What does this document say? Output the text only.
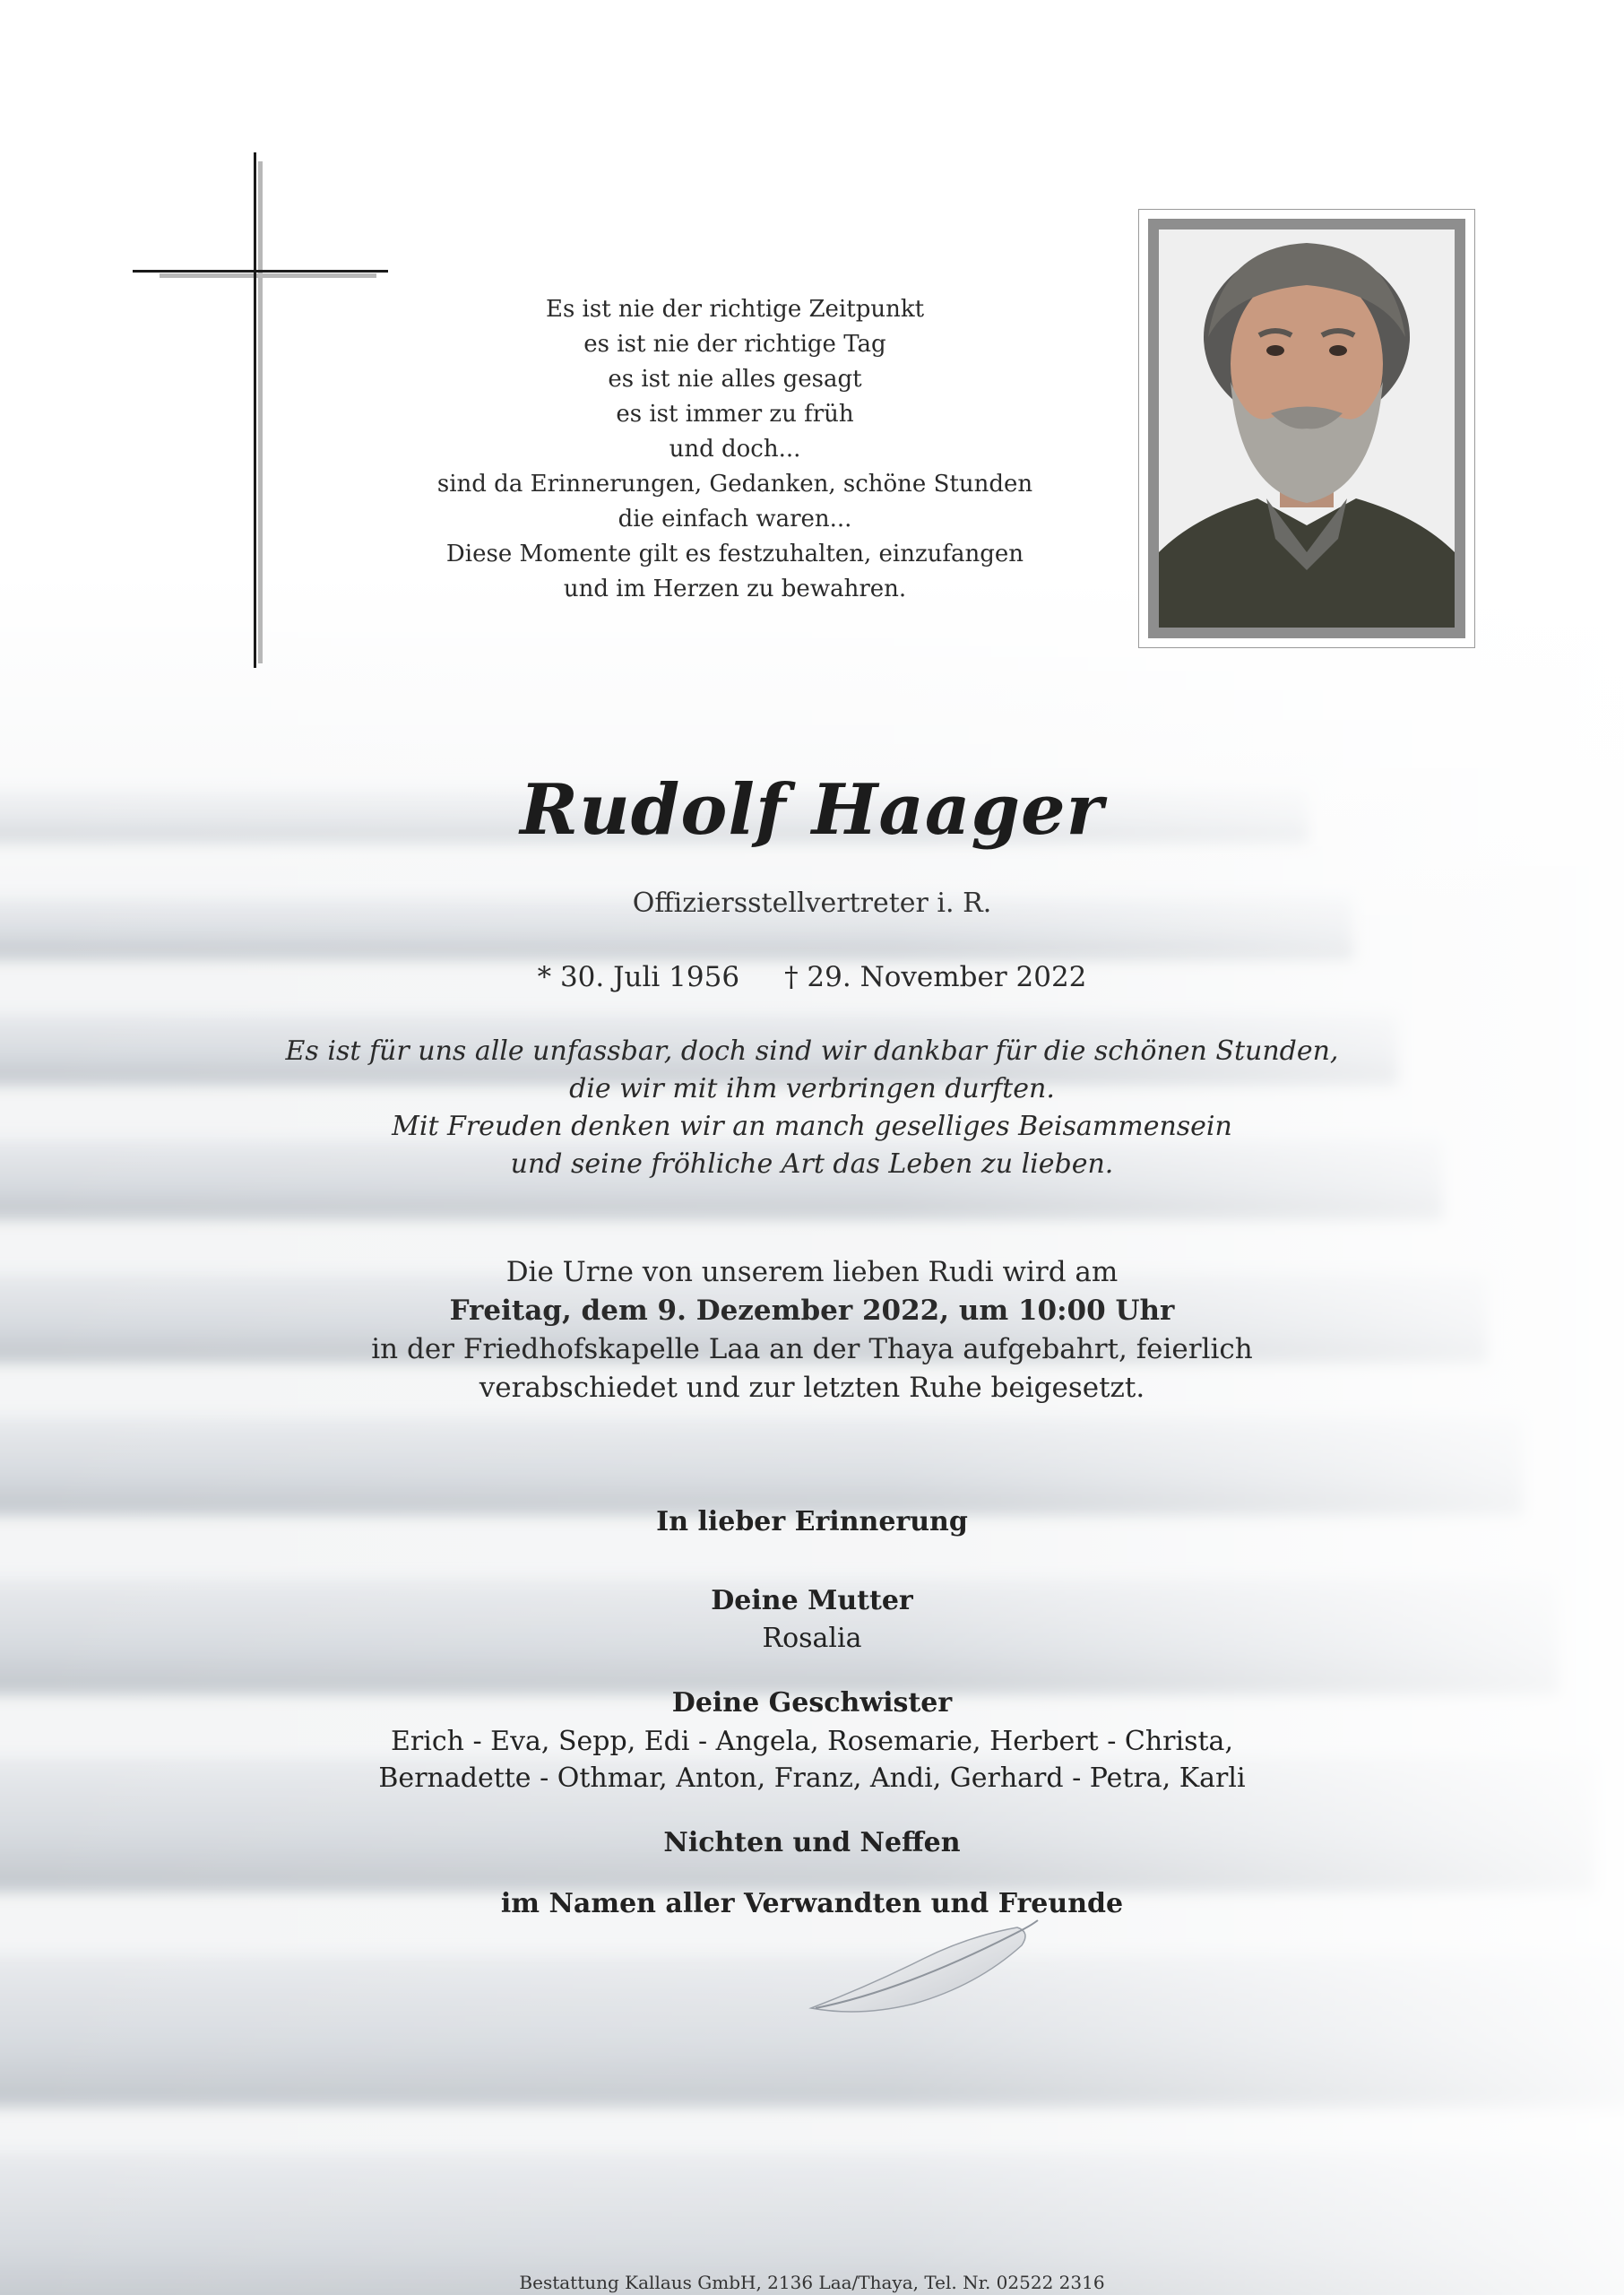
Es ist nie der richtige Zeitpunkt
es ist nie der richtige Tag
es ist nie alles gesagt
es ist immer zu früh
und doch...
sind da Erinnerungen, Gedanken, schöne Stunden
die einfach waren...
Diese Momente gilt es festzuhalten, einzufangen
und im Herzen zu bewahren.
Rudolf Haager
Offiziersstellvertreter i. R.
* 30. Juli 1956 † 29. November 2022
Es ist für uns alle unfassbar, doch sind wir dankbar für die schönen Stunden,
die wir mit ihm verbringen durften.
Mit Freuden denken wir an manch geselliges Beisammensein
und seine fröhliche Art das Leben zu lieben.
Die Urne von unserem lieben Rudi wird am
Freitag, dem 9. Dezember 2022, um 10:00 Uhr
in der Friedhofskapelle Laa an der Thaya aufgebahrt, feierlich
verabschiedet und zur letzten Ruhe beigesetzt.
In lieber Erinnerung
Deine Mutter
Rosalia
Deine Geschwister
Erich - Eva, Sepp, Edi - Angela, Rosemarie, Herbert - Christa,
Bernadette - Othmar, Anton, Franz, Andi, Gerhard - Petra, Karli
Nichten und Neffen
im Namen aller Verwandten und Freunde
Bestattung Kallaus GmbH, 2136 Laa/Thaya, Tel. Nr. 02522 2316
